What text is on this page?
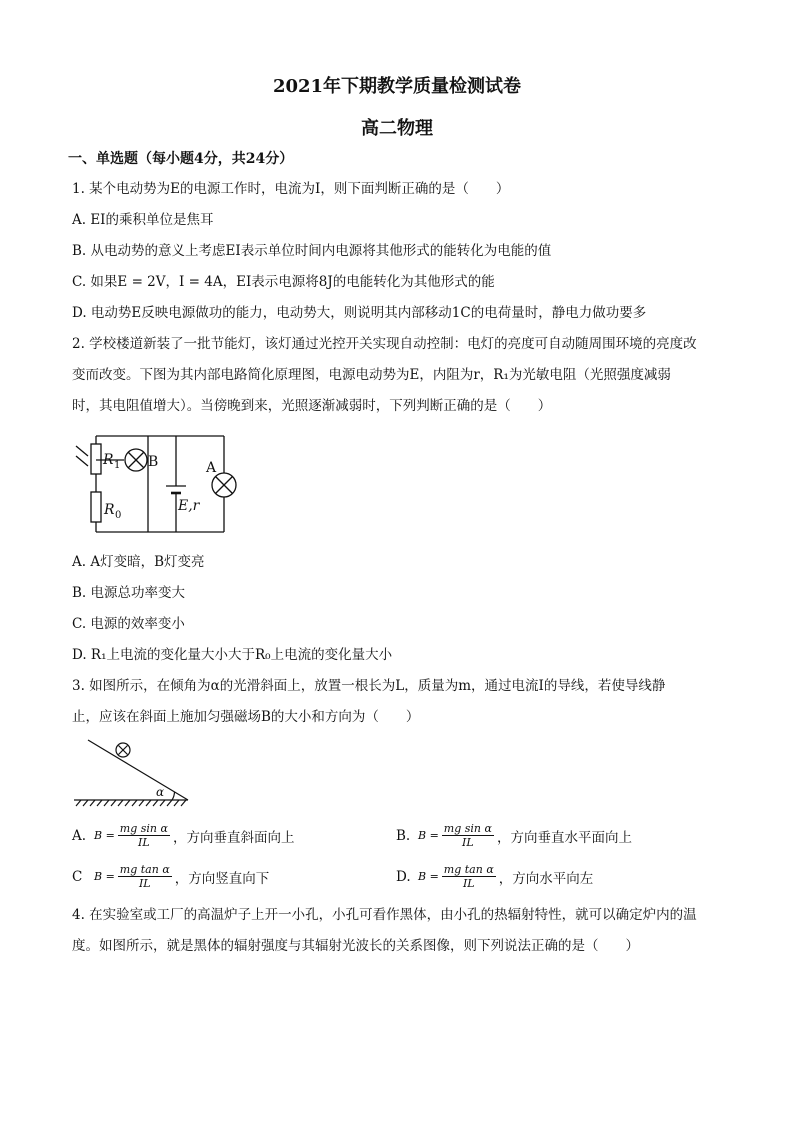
2021年下期教学质量检测试卷
高二物理
一、单选题（每小题4分，共24分）
1. 某个电动势为E的电源工作时，电流为I，则下面判断正确的是（　　）
A. EI的乘积单位是焦耳
B. 从电动势的意义上考虑EI表示单位时间内电源将其他形式的能转化为电能的值
C. 如果E = 2V，I = 4A，EI表示电源将8J的电能转化为其他形式的能
D. 电动势E反映电源做功的能力，电动势大，则说明其内部移动1C的电荷量时，静电力做功要多
2. 学校楼道新装了一批节能灯，该灯通过光控开关实现自动控制：电灯的亮度可自动随周围环境的亮度改
变而改变。下图为其内部电路简化原理图，电源电动势为E，内阻为r，R₁为光敏电阻（光照强度减弱
时，其电阻值增大）。当傍晚到来，光照逐渐减弱时，下列判断正确的是（　　）
R 1
R 0
E,r
B	A
A. A灯变暗，B灯变亮
B. 电源总功率变大
C. 电源的效率变小
D. R₁上电流的变化量大小大于R₀上电流的变化量大小
3. 如图所示，在倾角为α的光滑斜面上，放置一根长为L，质量为m，通过电流I的导线，若使导线静
止，应该在斜面上施加匀强磁场B的大小和方向为（　　）
α
A. $B = \frac{\text{mg sin α}}{IL}$ ，方向垂直斜面向上	B. $B = \frac{\text{mg sin α}}{IL}$ ，方向垂直水平面向上
C	$B = \frac{\text{mg tan α}}{IL}$ ，方向竖直向下	D. $B = \frac{\text{mg tan α}}{IL}$ ，方向水平向左
4. 在实验室或工厂的高温炉子上开一小孔，小孔可看作黑体，由小孔的热辐射特性，就可以确定炉内的温
度。如图所示，就是黑体的辐射强度与其辐射光波长的关系图像，则下列说法正确的是（　　）
